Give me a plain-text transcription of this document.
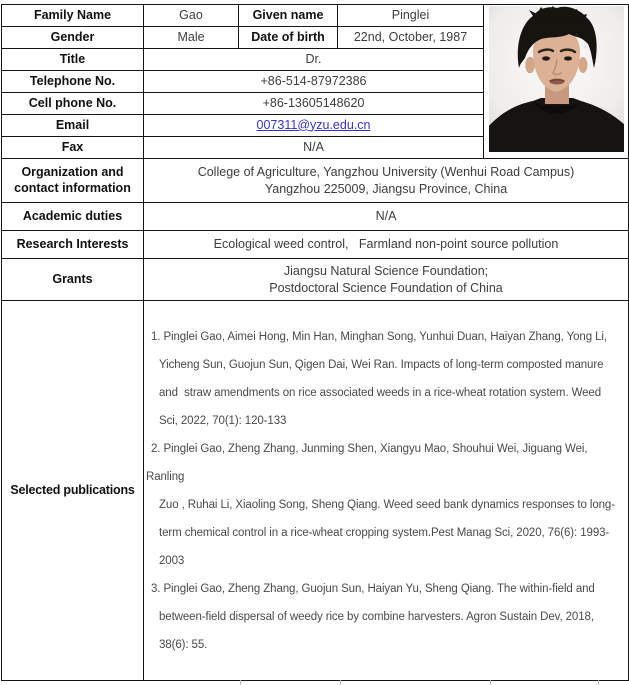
Family Name	Gao	Given name	Pinglei	
Gender	Male	Date of birth	22nd, October, 1987	
Title	Dr.			
Telephone No.	+86-514-87972386			
Cell phone No.	+86-13605148620			
Email	007311@yzu.edu.cn			
Fax	N/A			
Organization and contact information	College of Agriculture, Yangzhou University (Wenhui Road Campus)
Yangzhou 225009, Jiangsu Province, China			

Academic duties	N/A			
Research Interests	Ecological weed control,   Farmland non-point source pollution			
Grants	Jiangsu Natural Science Foundation;
Postdoctoral Science Foundation of China			

Selected publications	
1. Pinglei Gao, Aimei Hong, Min Han, Minghan Song, Yunhui Duan, Haiyan Zhang, Yong Li,
Yicheng Sun, Guojun Sun, Qigen Dai, Wei Ran. Impacts of long-term composted manure
and  straw amendments on rice associated weeds in a rice-wheat rotation system. Weed
Sci, 2022, 70(1): 120-133
2. Pinglei Gao, Zheng Zhang, Junming Shen, Xiangyu Mao, Shouhui Wei, Jiguang Wei,
Ranling
Zuo , Ruhai Li, Xiaoling Song, Sheng Qiang. Weed seed bank dynamics responses to long-
term chemical control in a rice-wheat cropping system.Pest Manag Sci, 2020, 76(6): 1993-
2003
3. Pinglei Gao, Zheng Zhang, Guojun Sun, Haiyan Yu, Sheng Qiang. The within-field and
between-field dispersal of weedy rice by combine harvesters. Agron Sustain Dev, 2018,
38(6): 55.
